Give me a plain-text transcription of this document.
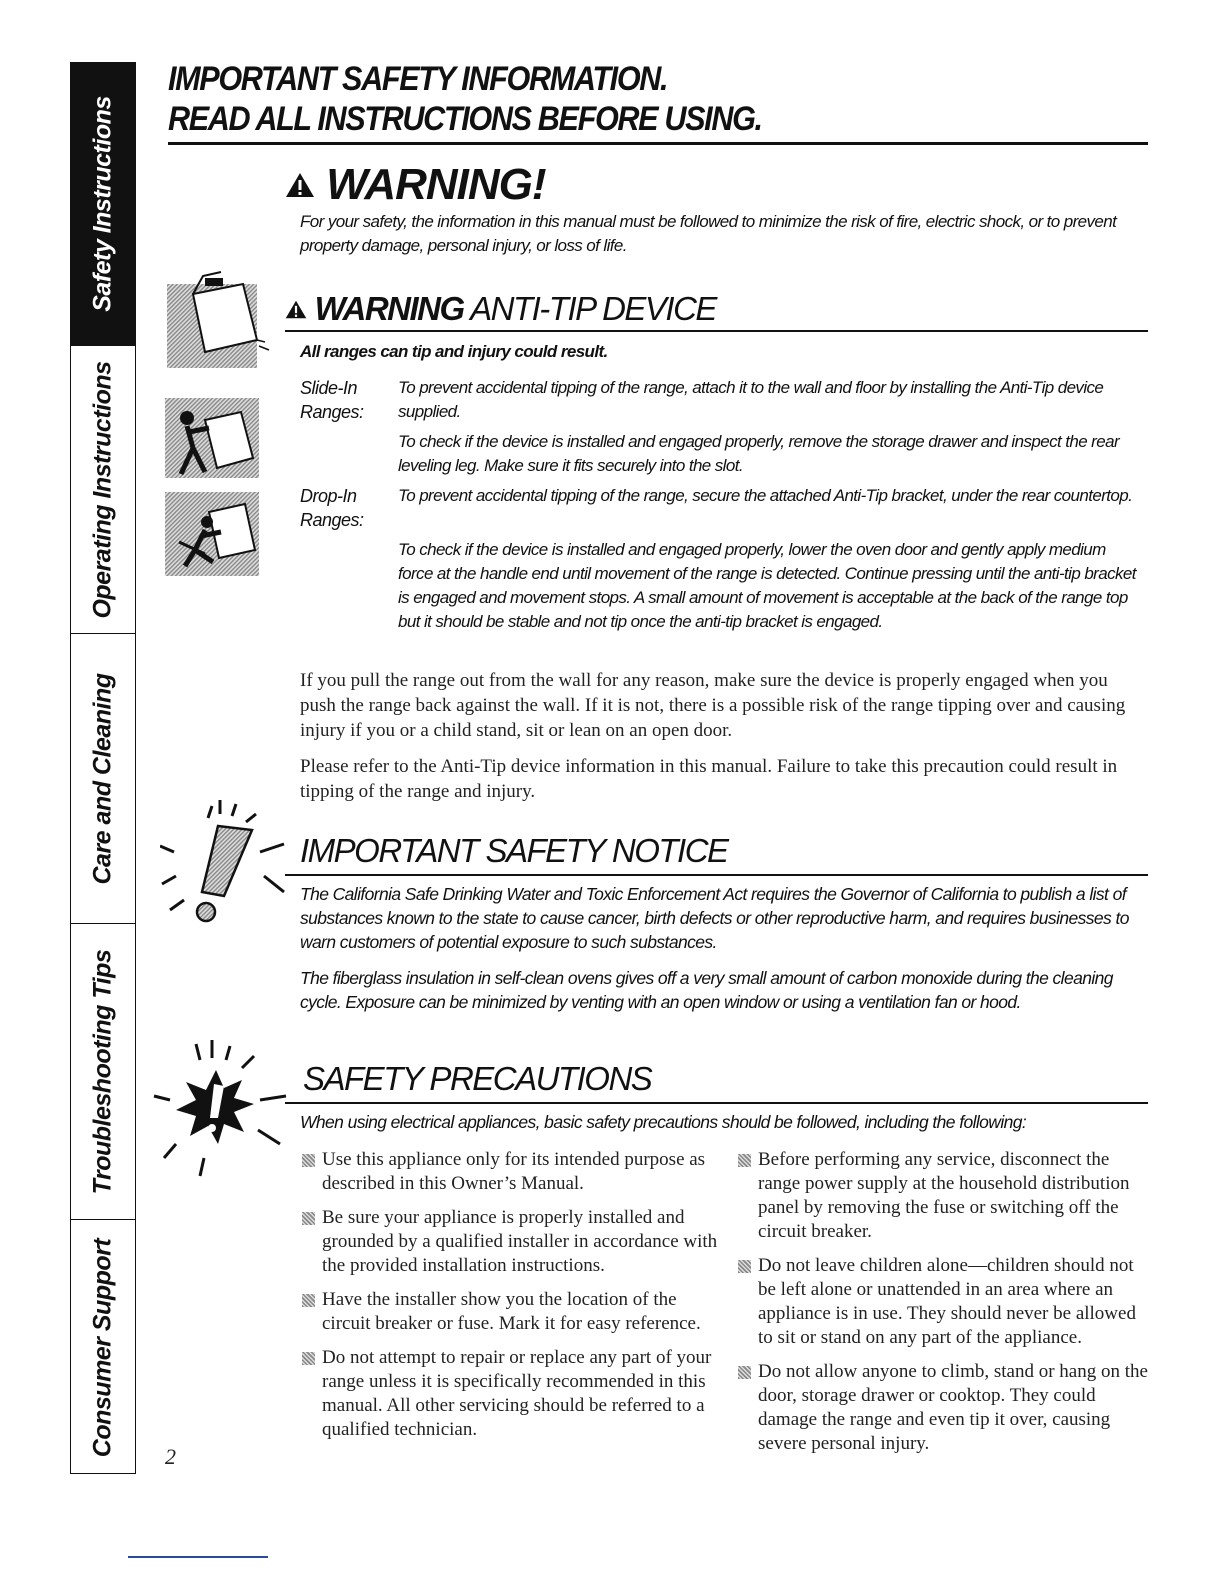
Safety Instructions
Operating Instructions
Care and Cleaning
Troubleshooting Tips
Consumer Support
IMPORTANT SAFETY INFORMATION.
READ ALL INSTRUCTIONS BEFORE USING.
WARNING!
For your safety, the information in this manual must be followed to minimize the risk of fire, electric shock, or to prevent property damage, personal injury, or loss of life.
WARNING ANTI-TIP DEVICE
All ranges can tip and injury could result.
Slide-In
Ranges:
To prevent accidental tipping of the range, attach it to the wall and floor by installing the Anti-Tip device supplied.
To check if the device is installed and engaged properly, remove the storage drawer and inspect the rear leveling leg. Make sure it fits securely into the slot.
Drop-In
Ranges:
To prevent accidental tipping of the range, secure the attached Anti-Tip bracket, under the rear countertop.
To check if the device is installed and engaged properly, lower the oven door and gently apply medium force at the handle end until movement of the range is detected. Continue pressing until the anti-tip bracket is engaged and movement stops. A small amount of movement is acceptable at the back of the range top but it should be stable and not tip once the anti-tip bracket is engaged.
If you pull the range out from the wall for any reason, make sure the device is properly engaged when you push the range back against the wall. If it is not, there is a possible risk of the range tipping over and causing injury if you or a child stand, sit or lean on an open door.
Please refer to the Anti-Tip device information in this manual. Failure to take this precaution could result in tipping of the range and injury.
IMPORTANT SAFETY NOTICE
The California Safe Drinking Water and Toxic Enforcement Act requires the Governor of California to publish a list of substances known to the state to cause cancer, birth defects or other reproductive harm, and requires businesses to warn customers of potential exposure to such substances.
The fiberglass insulation in self-clean ovens gives off a very small amount of carbon monoxide during the cleaning cycle. Exposure can be minimized by venting with an open window or using a ventilation fan or hood.
SAFETY PRECAUTIONS
When using electrical appliances, basic safety precautions should be followed, including the following:
Use this appliance only for its intended purpose as described in this Owner’s Manual.
Be sure your appliance is properly installed and grounded by a qualified installer in accordance with the provided installation instructions.
Have the installer show you the location of the circuit breaker or fuse. Mark it for easy reference.
Do not attempt to repair or replace any part of your range unless it is specifically recommended in this manual. All other servicing should be referred to a qualified technician.
Before performing any service, disconnect the range power supply at the household distribution panel by removing the fuse or switching off the circuit breaker.
Do not leave children alone—children should not be left alone or unattended in an area where an appliance is in use. They should never be allowed to sit or stand on any part of the appliance.
Do not allow anyone to climb, stand or hang on the door, storage drawer or cooktop. They could damage the range and even tip it over, causing severe personal injury.
2
